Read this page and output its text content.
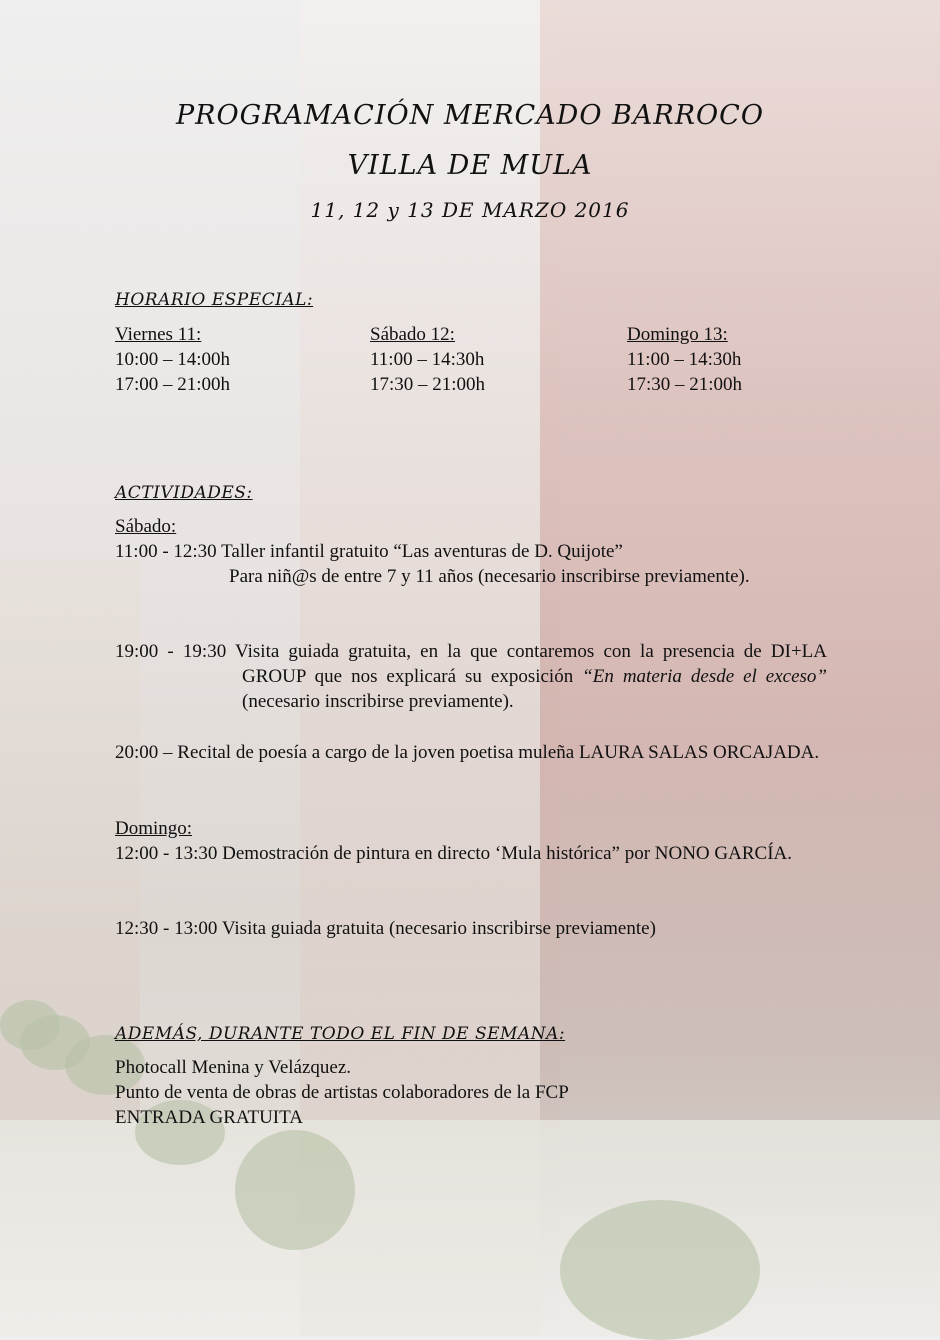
PROGRAMACIÓN MERCADO BARROCO
VILLA DE MULA
11, 12 y 13 DE MARZO 2016
HORARIO ESPECIAL:
Viernes 11:
10:00 – 14:00h
17:00 – 21:00h
Sábado 12:
11:00 – 14:30h
17:30 – 21:00h
Domingo 13:
11:00 – 14:30h
17:30 – 21:00h
ACTIVIDADES:
Sábado:
11:00 - 12:30 Taller infantil gratuito “Las aventuras de D. Quijote”
Para niñ@s de entre 7 y 11 años (necesario inscribirse previamente).
19:00 - 19:30 Visita guiada gratuita, en la que contaremos con la presencia de DI+LA GROUP que nos explicará su exposición “En materia desde el exceso” (necesario inscribirse previamente).
20:00 – Recital de poesía a cargo de la joven poetisa muleña LAURA SALAS ORCAJADA.
Domingo:
12:00 - 13:30 Demostración de pintura en directo ‘Mula histórica” por NONO GARCÍA.
12:30 - 13:00 Visita guiada gratuita (necesario inscribirse previamente)
ADEMÁS, DURANTE TODO EL FIN DE SEMANA:
Photocall Menina y Velázquez.
Punto de venta de obras de artistas colaboradores de la FCP
ENTRADA GRATUITA
